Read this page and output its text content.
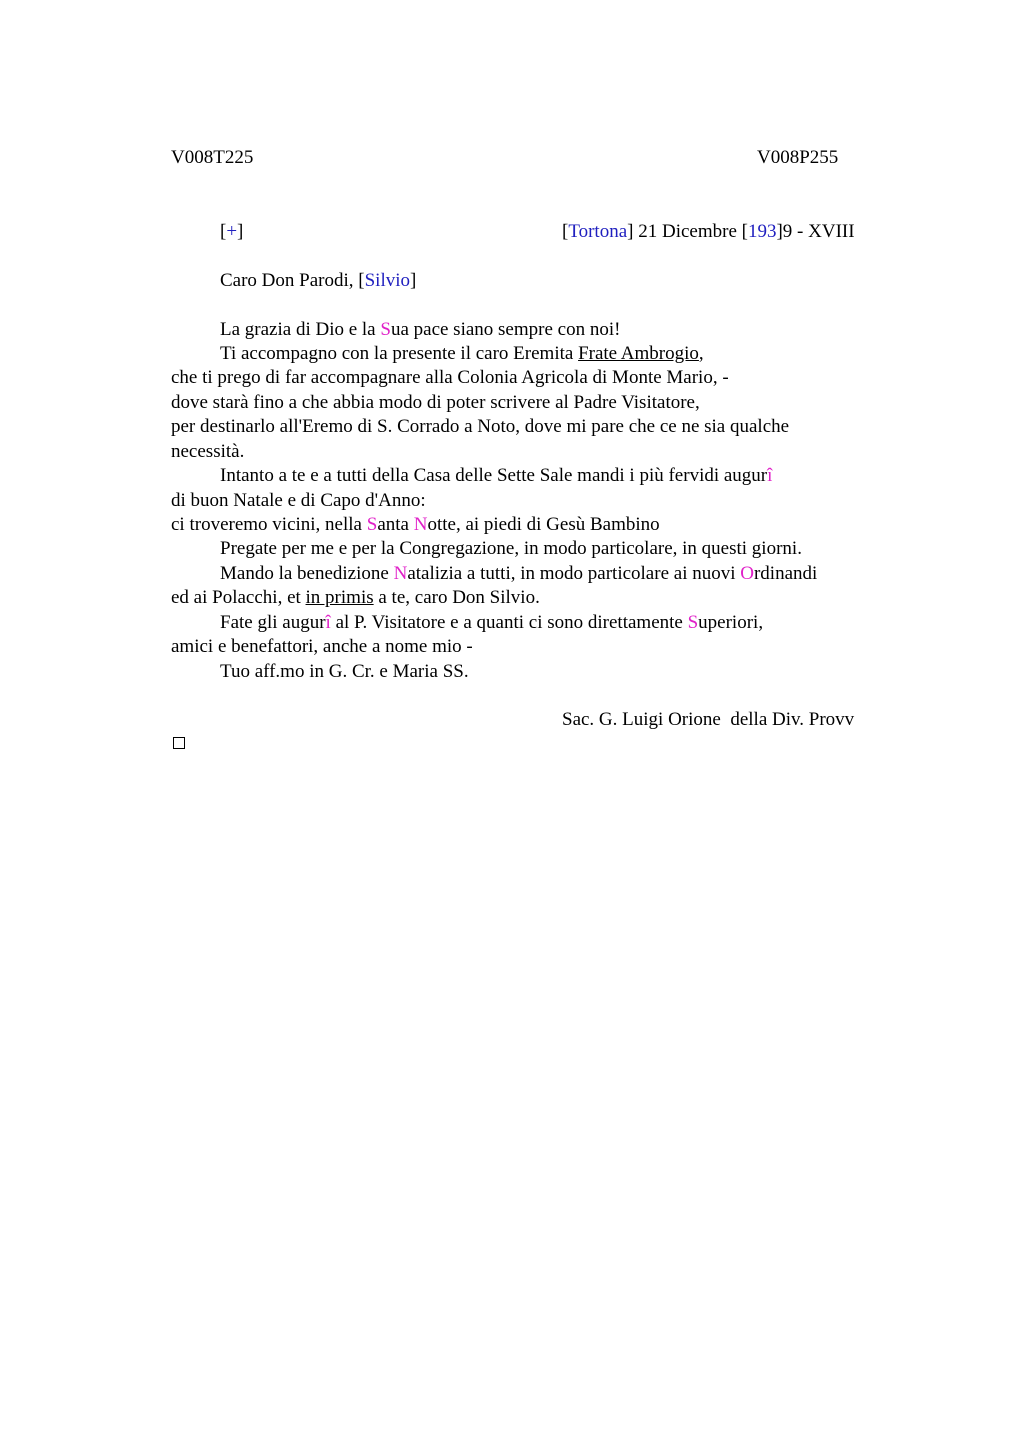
V008T225	V008P255
[+]	[Tortona] 21 Dicembre [193]9 - XVIII
Caro Don Parodi, [Silvio]
La grazia di Dio e la Sua pace siano sempre con noi!
Ti accompagno con la presente il caro Eremita Frate Ambrogio,
che ti prego di far accompagnare alla Colonia Agricola di Monte Mario, -
dove starà fino a che abbia modo di poter scrivere al Padre Visitatore,
per destinarlo all'Eremo di S. Corrado a Noto, dove mi pare che ce ne sia qualche
necessità.
Intanto a te e a tutti della Casa delle Sette Sale mandi i più fervidi augurî
di buon Natale e di Capo d'Anno:
ci troveremo vicini, nella Santa Notte, ai piedi di Gesù Bambino
Pregate per me e per la Congregazione, in modo particolare, in questi giorni.
Mando la benedizione Natalizia a tutti, in modo particolare ai nuovi Ordinandi
ed ai Polacchi, et in primis a te, caro Don Silvio.
Fate gli augurî al P. Visitatore e a quanti ci sono direttamente Superiori,
amici e benefattori, anche a nome mio -
Tuo aff.mo in G. Cr. e Maria SS.
Sac. G. Luigi Orione  della Div. Provv
